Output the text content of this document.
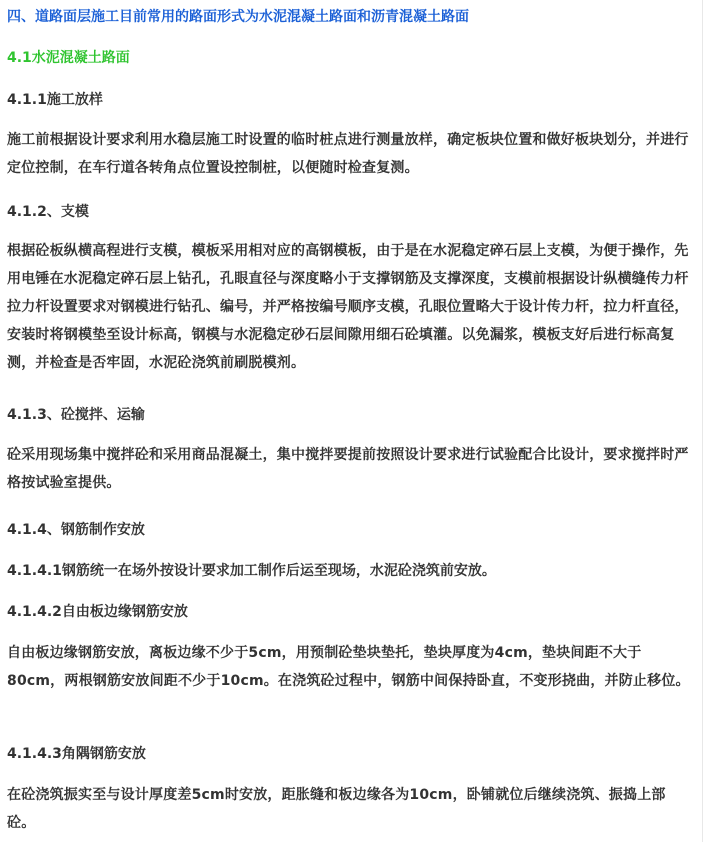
四、道路面层施工目前常用的路面形式为水泥混凝土路面和沥青混凝土路面
4.1水泥混凝土路面
4.1.1施工放样
施工前根据设计要求利用水稳层施工时设置的临时桩点进行测量放样，确定板块位置和做好板块划分，并进行定位控制，在车行道各转角点位置设控制桩，以便随时检查复测。
4.1.2、支模
根据砼板纵横高程进行支模，模板采用相对应的高钢模板，由于是在水泥稳定碎石层上支模，为便于操作，先用电锤在水泥稳定碎石层上钻孔，孔眼直径与深度略小于支撑钢筋及支撑深度，支模前根据设计纵横缝传力杆拉力杆设置要求对钢模进行钻孔、编号，并严格按编号顺序支模，孔眼位置略大于设计传力杆，拉力杆直径，安装时将钢模垫至设计标高，钢模与水泥稳定砂石层间隙用细石砼填灌。以免漏浆，模板支好后进行标高复测，并检查是否牢固，水泥砼浇筑前刷脱模剂。
4.1.3、砼搅拌、运输
砼采用现场集中搅拌砼和采用商品混凝土，集中搅拌要提前按照设计要求进行试验配合比设计，要求搅拌时严格按试验室提供。
4.1.4、钢筋制作安放
4.1.4.1钢筋统一在场外按设计要求加工制作后运至现场，水泥砼浇筑前安放。
4.1.4.2自由板边缘钢筋安放
自由板边缘钢筋安放，离板边缘不少于5cm，用预制砼垫块垫托，垫块厚度为4cm，垫块间距不大于80cm，两根钢筋安放间距不少于10cm。在浇筑砼过程中，钢筋中间保持卧直，不变形挠曲，并防止移位。
4.1.4.3角隅钢筋安放
在砼浇筑振实至与设计厚度差5cm时安放，距胀缝和板边缘各为10cm，卧铺就位后继续浇筑、振捣上部砼。
